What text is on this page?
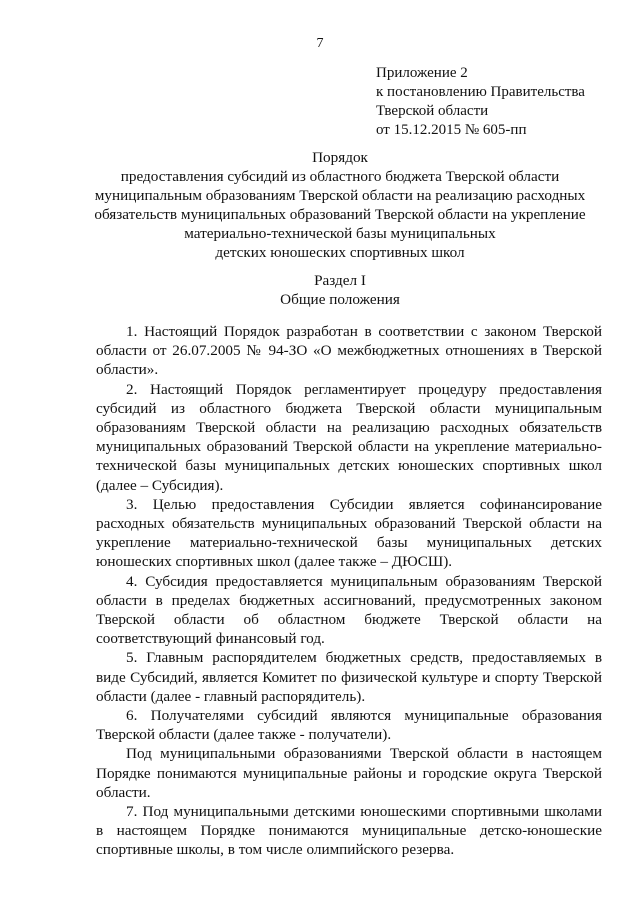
7
Приложение 2
к постановлению Правительства
Тверской области
от 15.12.2015 № 605-пп
Порядок
предоставления субсидий из областного бюджета Тверской области
муниципальным образованиям Тверской области на реализацию расходных
обязательств муниципальных образований Тверской области на укрепление
материально-технической базы муниципальных
детских юношеских спортивных школ
Раздел I
Общие положения

1. Настоящий Порядок разработан в соответствии с законом Тверской области от 26.07.2005 № 94-ЗО «О межбюджетных отношениях в Тверской области».

2. Настоящий Порядок регламентирует процедуру предоставления субсидий из областного бюджета Тверской области муниципальным образованиям Тверской области на реализацию расходных обязательств муниципальных образований Тверской области на укрепление материально-технической базы муниципальных детских юношеских спортивных школ (далее – Субсидия).

3. Целью предоставления Субсидии является софинансирование расходных обязательств муниципальных образований Тверской области на укрепление материально-технической базы муниципальных детских юношеских спортивных школ (далее также – ДЮСШ).

4. Субсидия предоставляется муниципальным образованиям Тверской области в пределах бюджетных ассигнований, предусмотренных законом Тверской области об областном бюджете Тверской области на соответствующий финансовый год.

5. Главным распорядителем бюджетных средств, предоставляемых в виде Субсидий, является Комитет по физической культуре и спорту Тверской области (далее - главный распорядитель).

6. Получателями субсидий являются муниципальные образования Тверской области (далее также - получатели).

Под муниципальными образованиями Тверской области в настоящем Порядке понимаются муниципальные районы и городские округа Тверской области.

7. Под муниципальными детскими юношескими спортивными школами в настоящем Порядке понимаются муниципальные детско-юношеские спортивные школы, в том числе олимпийского резерва.
